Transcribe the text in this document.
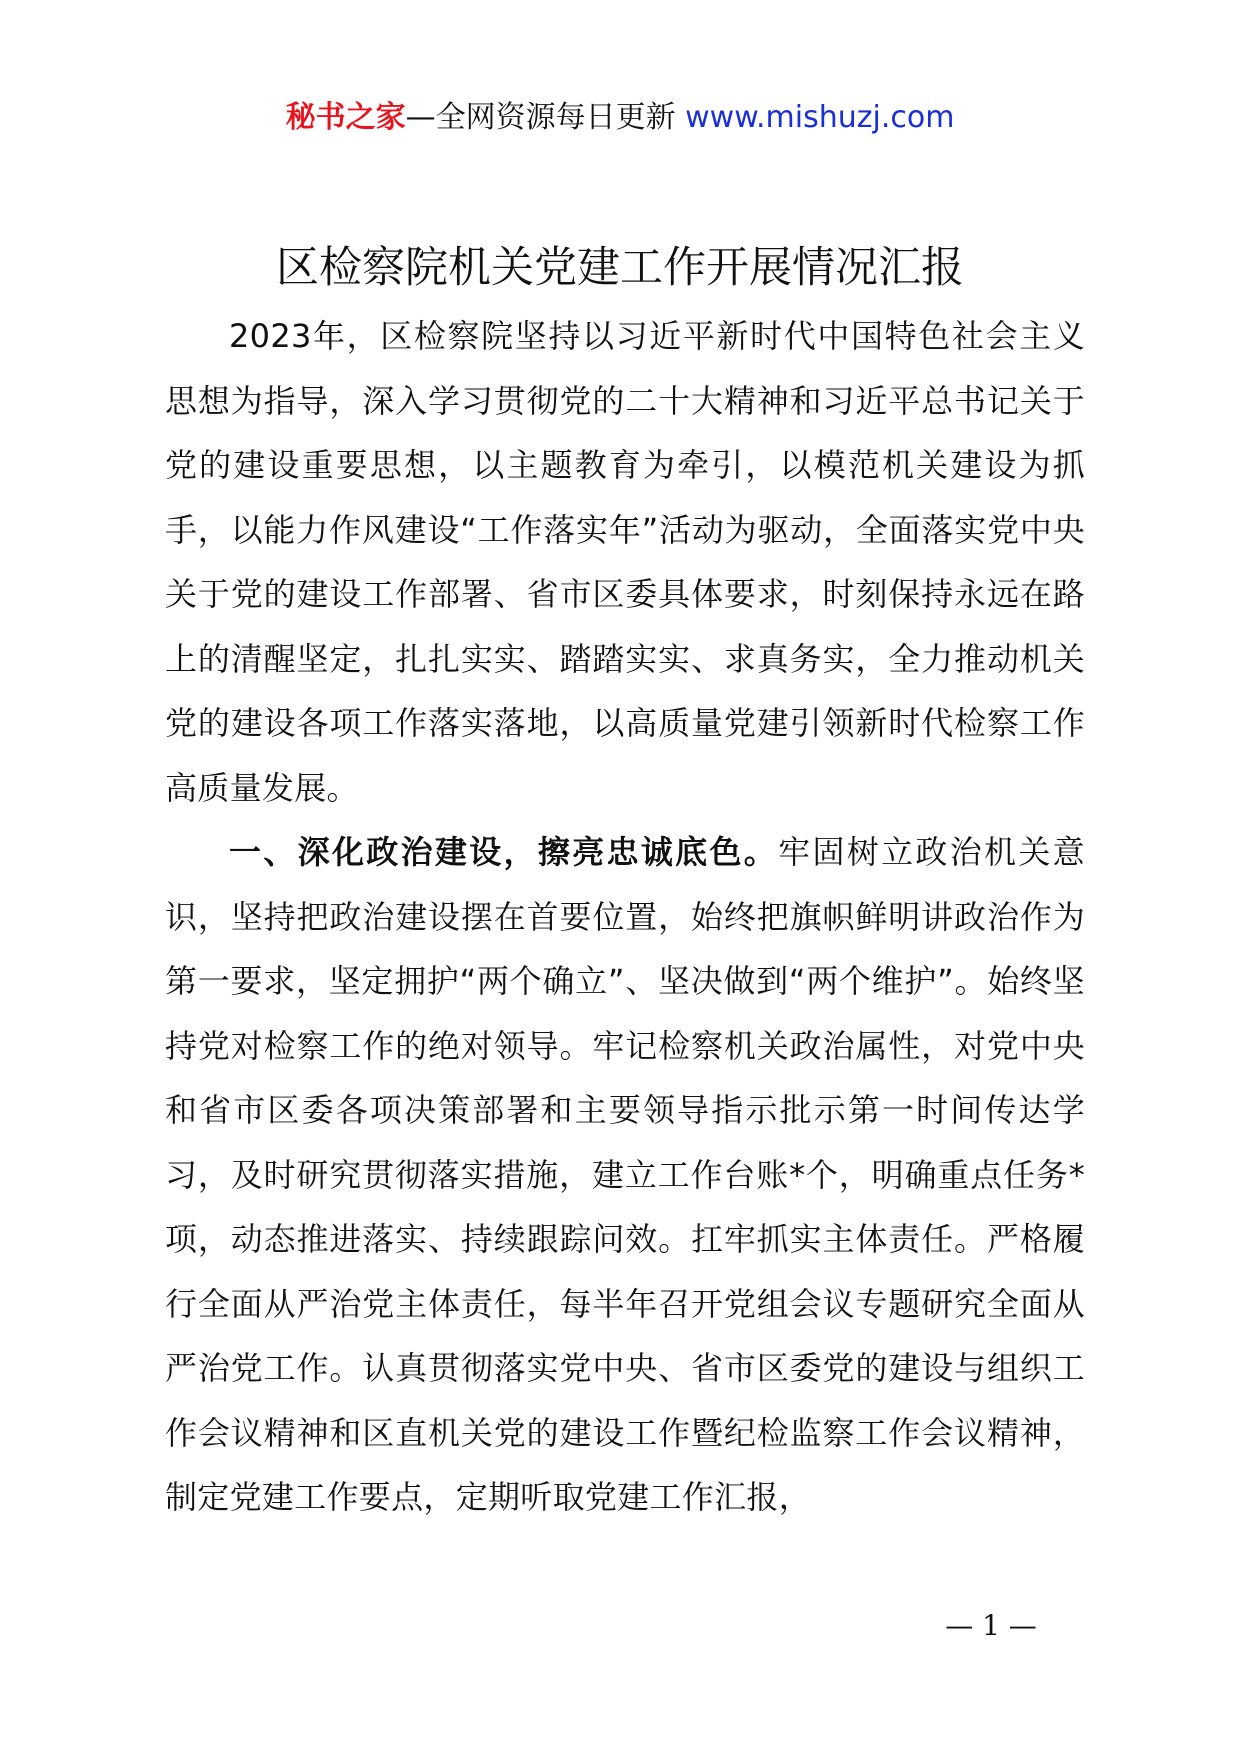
秘书之家—全网资源每日更新 www.mishuzj.com
区检察院机关党建工作开展情况汇报

2023年，区检察院坚持以习近平新时代中国特色社会主义思想为指导，深入学习贯彻党的二十大精神和习近平总书记关于党的建设重要思想，以主题教育为牵引，以模范机关建设为抓手，以能力作风建设“工作落实年”活动为驱动，全面落实党中央关于党的建设工作部署、省市区委具体要求，时刻保持永远在路上的清醒坚定，扎扎实实、踏踏实实、求真务实，全力推动机关党的建设各项工作落实落地，以高质量党建引领新时代检察工作高质量发展。

一、深化政治建设，擦亮忠诚底色。牢固树立政治机关意识，坚持把政治建设摆在首要位置，始终把旗帜鲜明讲政治作为第一要求，坚定拥护“两个确立”、坚决做到“两个维护”。始终坚持党对检察工作的绝对领导。牢记检察机关政治属性，对党中央和省市区委各项决策部署和主要领导指示批示第一时间传达学习，及时研究贯彻落实措施，建立工作台账*个，明确重点任务*项，动态推进落实、持续跟踪问效。扛牢抓实主体责任。严格履行全面从严治党主体责任，每半年召开党组会议专题研究全面从严治党工作。认真贯彻落实党中央、省市区委党的建设与组织工作会议精神和区直机关党的建设工作暨纪检监察工作会议精神，制定党建工作要点，定期听取党建工作汇报，

— 1 —
